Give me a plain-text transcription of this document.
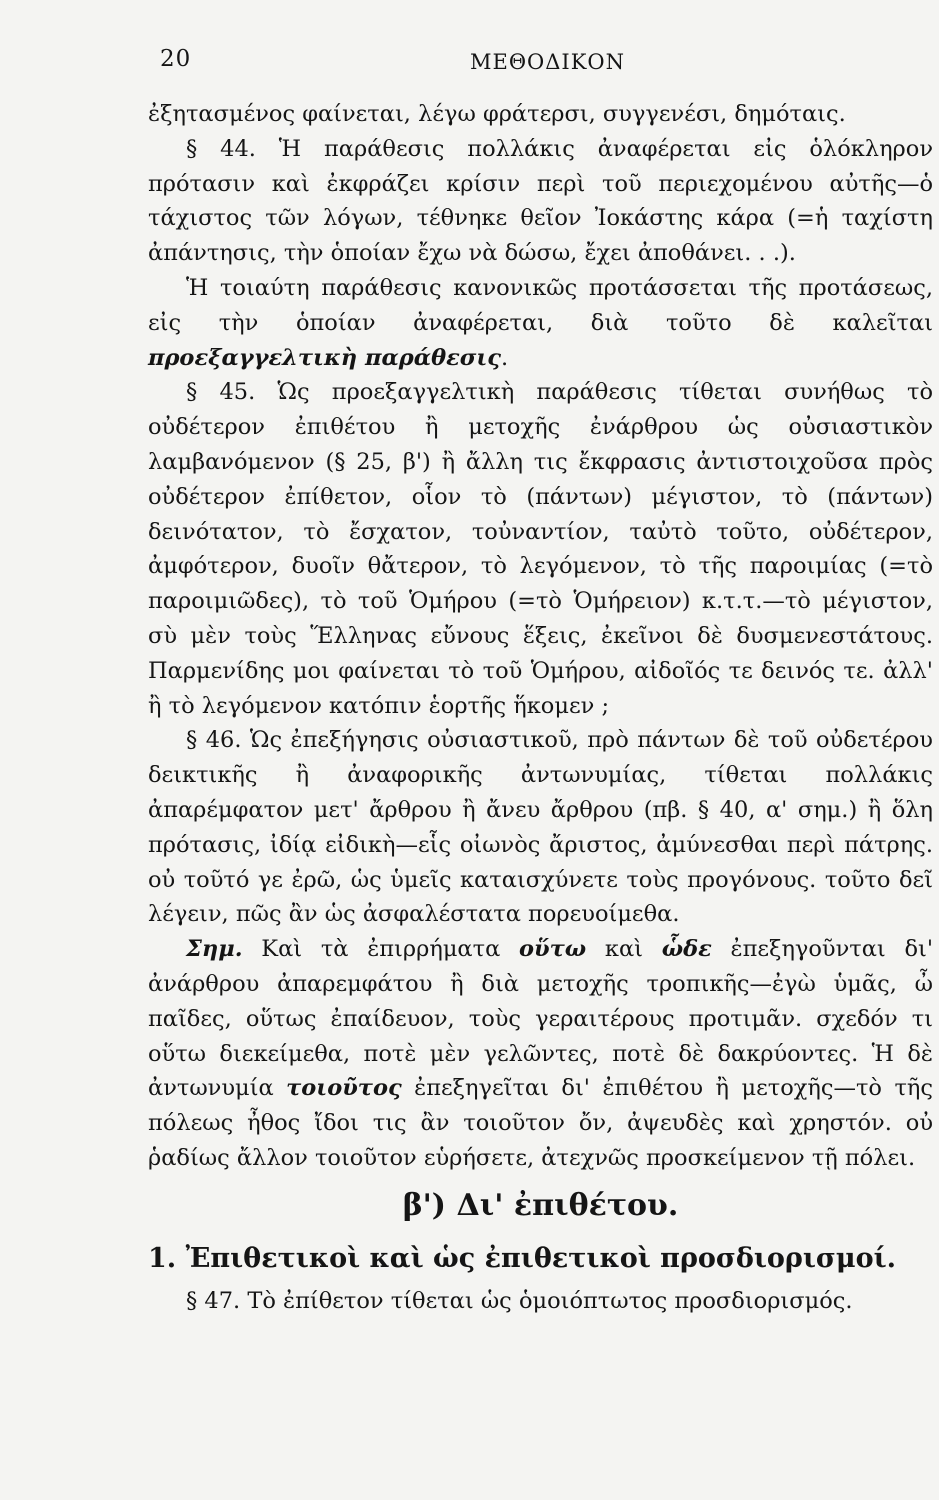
20	ΜΕΘΟΔΙΚΟΝ

ἐξητασμένος φαίνεται, λέγω φράτερσι, συγγενέσι, δημόταις.

§ 44. Ἡ παράθεσις πολλάκις ἀναφέρεται εἰς ὁλόκληρον πρότασιν καὶ ἐκφράζει κρίσιν περὶ τοῦ περιεχομένου αὐτῆς—ὁ τάχιστος τῶν λόγων, τέθνηκε θεῖον Ἰοκάστης κάρα (=ἡ ταχίστη ἀπάντησις, τὴν ὁποίαν ἔχω νὰ δώσω, ἔχει ἀποθάνει. . .).

Ἡ τοιαύτη παράθεσις κανονικῶς προτάσσεται τῆς προτάσεως, εἰς τὴν ὁποίαν ἀναφέρεται, διὰ τοῦτο δὲ καλεῖται προεξαγγελτικὴ παράθεσις.

§ 45. Ὡς προεξαγγελτικὴ παράθεσις τίθεται συνήθως τὸ οὐδέτερον ἐπιθέτου ἢ μετοχῆς ἐνάρθρου ὡς οὐσιαστικὸν λαμβανόμενον (§ 25, β') ἢ ἄλλη τις ἔκφρασις ἀντιστοιχοῦσα πρὸς οὐδέτερον ἐπίθετον, οἷον τὸ (πάντων) μέγιστον, τὸ (πάντων) δεινότατον, τὸ ἔσχατον, τοὐναντίον, ταὐτὸ τοῦτο, οὐδέτερον, ἀμφότερον, δυοῖν θἄτερον, τὸ λεγόμενον, τὸ τῆς παροιμίας (=τὸ παροιμιῶδες), τὸ τοῦ Ὁμήρου (=τὸ Ὁμήρειον) κ.τ.τ.—τὸ μέγιστον, σὺ μὲν τοὺς Ἕλληνας εὔνους ἕξεις, ἐκεῖνοι δὲ δυσμενεστάτους. Παρμενίδης μοι φαίνεται τὸ τοῦ Ὁμήρου, αἰδοῖός τε δεινός τε. ἀλλ' ἢ τὸ λεγόμενον κατόπιν ἑορτῆς ἥκομεν ;

§ 46. Ὡς ἐπεξήγησις οὐσιαστικοῦ, πρὸ πάντων δὲ τοῦ οὐδετέρου δεικτικῆς ἢ ἀναφορικῆς ἀντωνυμίας, τίθεται πολλάκις ἀπαρέμφατον μετ' ἄρθρου ἢ ἄνευ ἄρθρου (πβ. § 40, α' σημ.) ἢ ὅλη πρότασις, ἰδίᾳ εἰδικὴ—εἷς οἰωνὸς ἄριστος, ἀμύνεσθαι περὶ πάτρης. οὐ τοῦτό γε ἐρῶ, ὡς ὑμεῖς καταισχύνετε τοὺς προγόνους. τοῦτο δεῖ λέγειν, πῶς ἂν ὡς ἀσφαλέστατα πορευοίμεθα.

Σημ. Καὶ τὰ ἐπιρρήματα οὕτω καὶ ὧδε ἐπεξηγοῦνται δι' ἀνάρθρου ἀπαρεμφάτου ἢ διὰ μετοχῆς τροπικῆς—ἐγὼ ὑμᾶς, ὦ παῖδες, οὕτως ἐπαίδευον, τοὺς γεραιτέρους προτιμᾶν. σχεδόν τι οὕτω διεκείμεθα, ποτὲ μὲν γελῶντες, ποτὲ δὲ δακρύοντες. Ἡ δὲ ἀντωνυμία τοιοῦτος ἐπεξηγεῖται δι' ἐπιθέτου ἢ μετοχῆς—τὸ τῆς πόλεως ἦθος ἴδοι τις ἂν τοιοῦτον ὄν, ἀψευδὲς καὶ χρηστόν. οὐ ῥαδίως ἄλλον τοιοῦτον εὑρήσετε, ἀτεχνῶς προσκείμενον τῇ πόλει.

β') Δι' ἐπιθέτου.
1. Ἐπιθετικοὶ καὶ ὡς ἐπιθετικοὶ προσδιορισμοί.

§ 47. Τὸ ἐπίθετον τίθεται ὡς ὁμοιόπτωτος προσδιορισμός.
